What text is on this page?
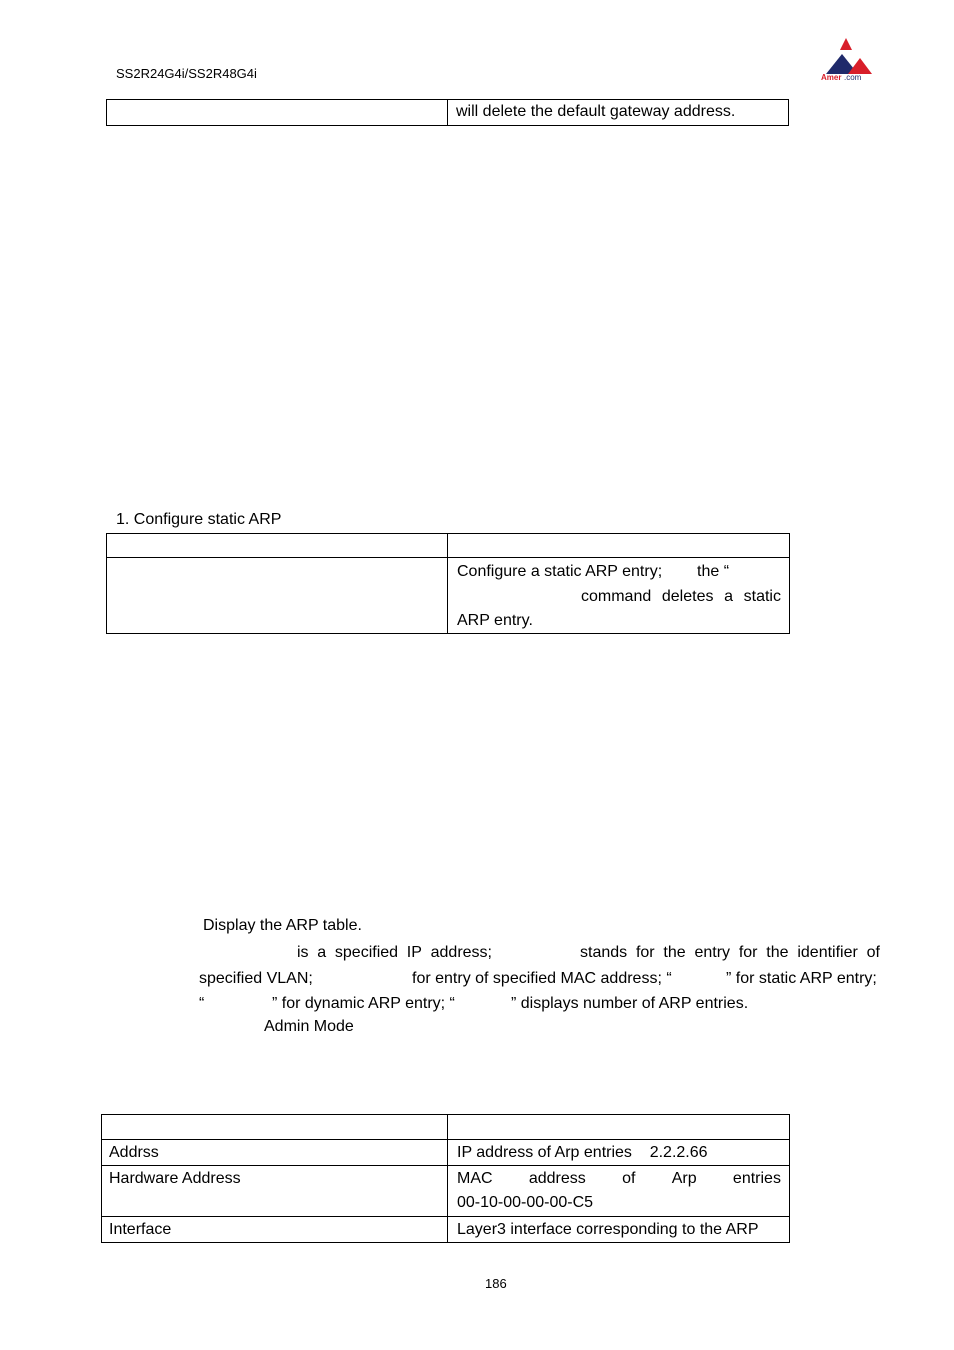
SS2R24G4i/SS2R48G4i	Amer .com
will delete the default gateway address.
1. Configure static ARP
Configure a static ARP entry; the “
command deletes a static
ARP entry.
Display the ARP table.
is a specified IP address;	stands for the entry for the identifier of
specified VLAN;	for entry of specified MAC address; “	” for static ARP entry;
“	” for dynamic ARP entry; “	” displays number of ARP entries.
Admin Mode
Addrss	IP address of Arp entries    2.2.2.66
Hardware Address	MAC address of Arp entries
00-10-00-00-00-C5
Interface	Layer3 interface corresponding to the ARP
186
